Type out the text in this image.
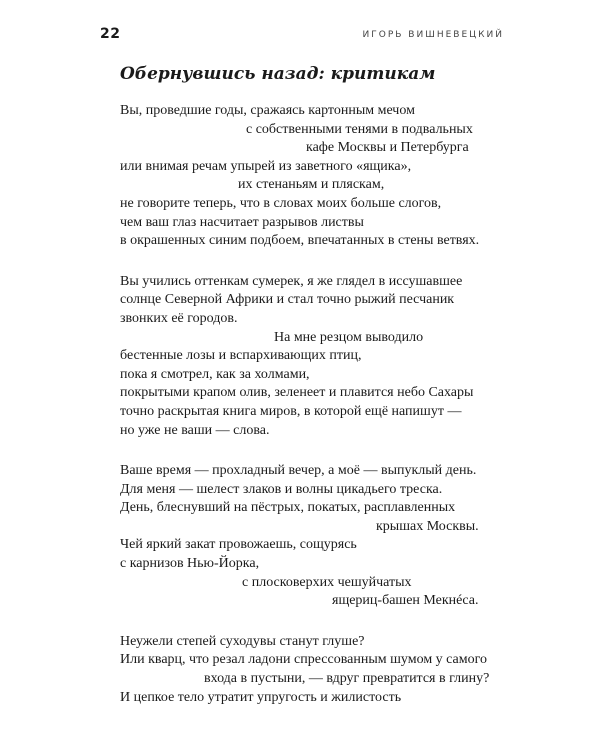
22	ИГОРЬ ВИШНЕВЕЦКИЙ
Обернувшись назад: критикам
Вы, проведшие годы, сражаясь картонным мечом
с собственными тенями в подвальных
кафе Москвы и Петербурга
или внимая речам упырей из заветного «ящика»,
их стенаньям и пляскам,
не говорите теперь, что в словах моих больше слогов,
чем ваш глаз насчитает разрывов листвы
в окрашенных синим подбоем, впечатанных в стены ветвях.
Вы учились оттенкам сумерек, я же глядел в иссушавшее
солнце Северной Африки и стал точно рыжий песчаник
звонких её городов.
На мне резцом выводило
бестенные лозы и вспархивающих птиц,
пока я смотрел, как за холмами,
покрытыми крапом олив, зеленеет и плавится небо Сахары
точно раскрытая книга миров, в которой ещё напишут —
но уже не ваши — слова.
Ваше время — прохладный вечер, а моё — выпуклый день.
Для меня — шелест злаков и волны цикадьего треска.
День, блеснувший на пёстрых, покатых, расплавленных
крышах Москвы.
Чей яркий закат провожаешь, сощурясь
с карнизов Нью-Йорка,
с плосковерхих чешуйчатых
ящериц-башен Мекнéса.
Неужели степей суходувы станут глуше?
Или кварц, что резал ладони спрессованным шумом у самого
входа в пустыни, — вдруг превратится в глину?
И цепкое тело утратит упругость и жилистость
